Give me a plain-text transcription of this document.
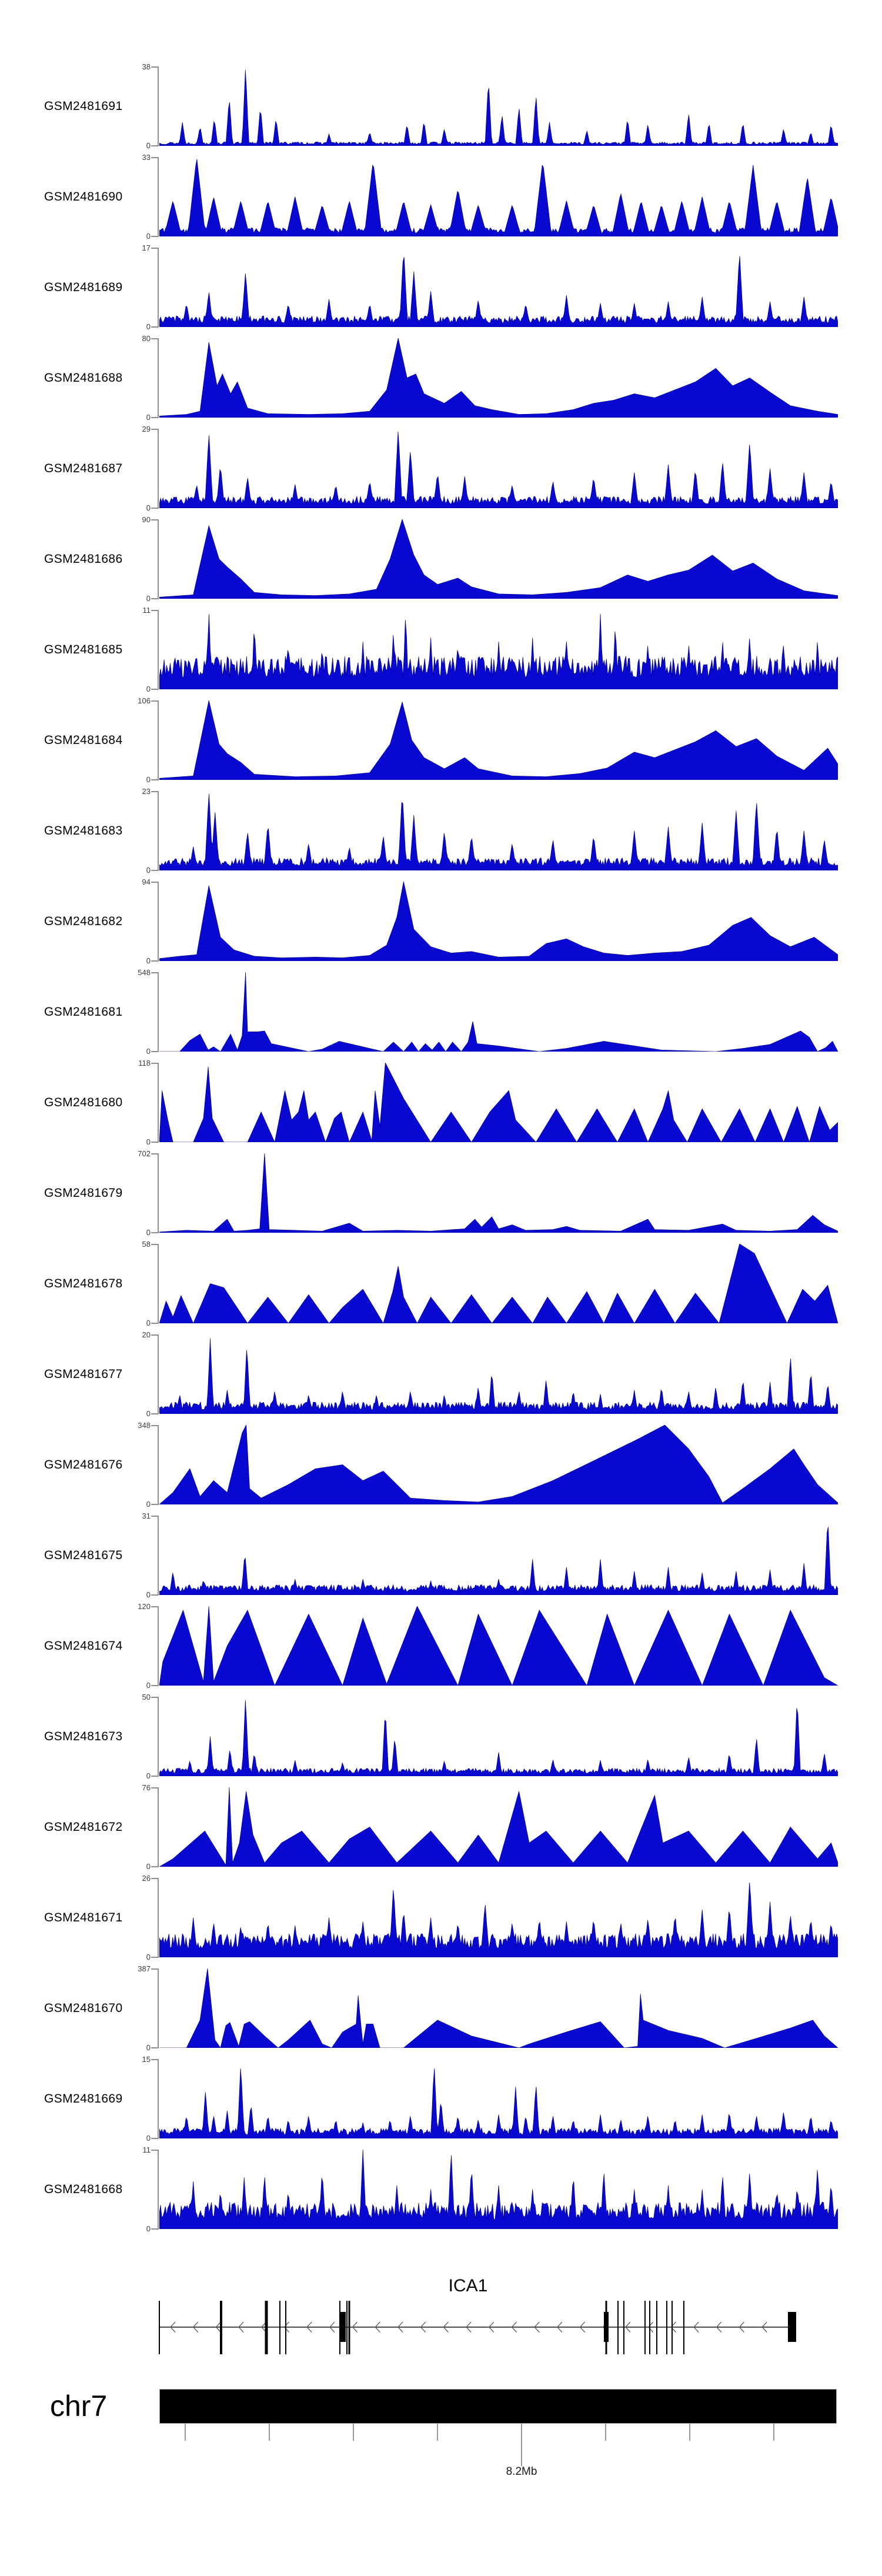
GSM2481691
38
0
GSM2481690
33
0
GSM2481689
17
0
GSM2481688
80
0
GSM2481687
29
0
GSM2481686
90
0
GSM2481685
11
0
GSM2481684
106
0
GSM2481683
23
0
GSM2481682
94
0
GSM2481681
548
0
GSM2481680
118
0
GSM2481679
702
0
GSM2481678
58
0
GSM2481677
20
0
GSM2481676
348
0
GSM2481675
31
0
GSM2481674
120
0
GSM2481673
50
0
GSM2481672
76
0
GSM2481671
26
0
GSM2481670
387
0
GSM2481669
15
0
GSM2481668
11
0
ICA1
chr7
8.2Mb
